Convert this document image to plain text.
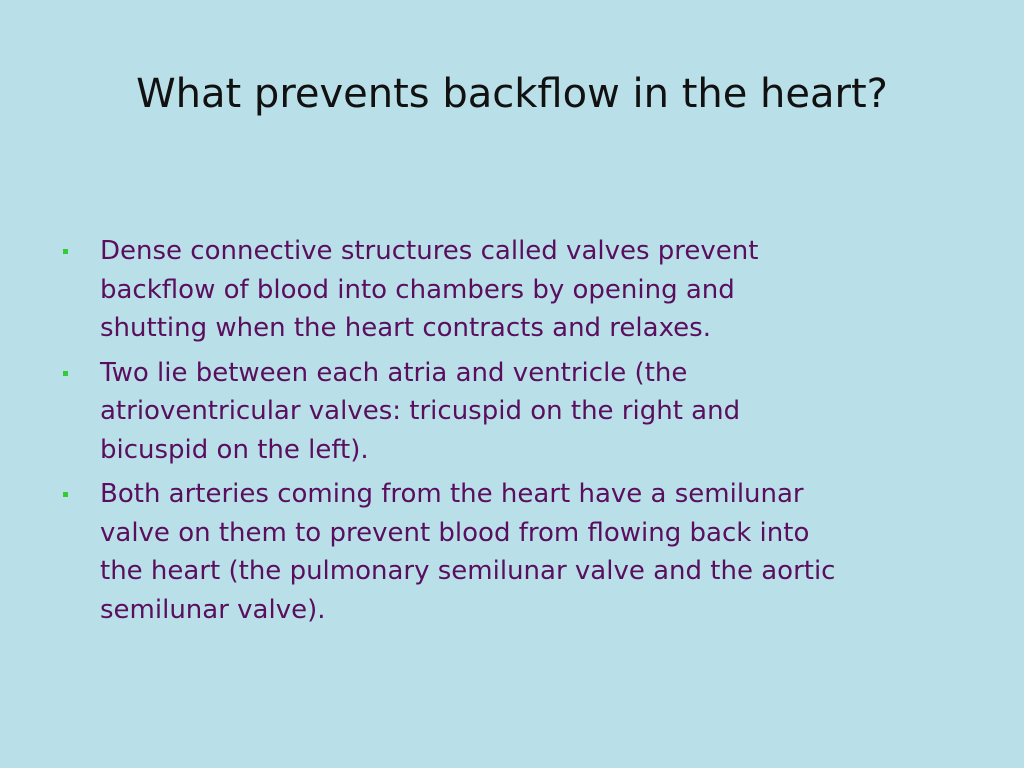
What prevents backflow in the heart?
Dense connective structures called valves prevent
backflow of blood into chambers by opening and
shutting when the heart contracts and relaxes.
Two lie between each atria and ventricle (the
atrioventricular valves: tricuspid on the right and
bicuspid on the left).
Both arteries coming from the heart have a semilunar
valve on them to prevent blood from flowing back into
the heart (the pulmonary semilunar valve and the aortic
semilunar valve).
